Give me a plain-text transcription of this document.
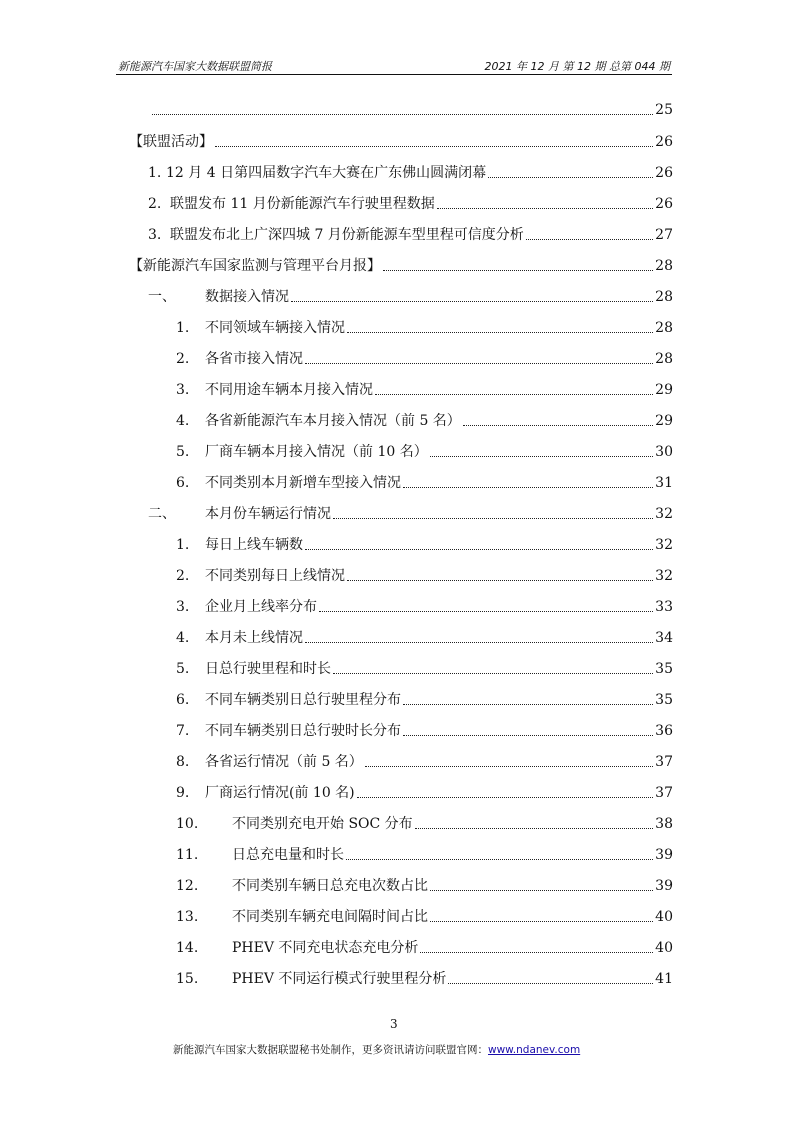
新能源汽车国家大数据联盟简报	2021 年 12 月 第 12 期 总第 044 期
25
【联盟活动】	26
1. 12 月 4 日第四届数字汽车大赛在广东佛山圆满闭幕	26
2. 联盟发布 11 月份新能源汽车行驶里程数据	26
3. 联盟发布北上广深四城 7 月份新能源车型里程可信度分析	27
【新能源汽车国家监测与管理平台月报】	28
一、	数据接入情况	28
1.	不同领域车辆接入情况	28
2.	各省市接入情况	28
3.	不同用途车辆本月接入情况	29
4.	各省新能源汽车本月接入情况（前 5 名）	29
5.	厂商车辆本月接入情况（前 10 名）	30
6.	不同类别本月新增车型接入情况	31
二、	本月份车辆运行情况	32
1.	每日上线车辆数	32
2.	不同类别每日上线情况	32
3.	企业月上线率分布	33
4.	本月未上线情况	34
5.	日总行驶里程和时长	35
6.	不同车辆类别日总行驶里程分布	35
7.	不同车辆类别日总行驶时长分布	36
8.	各省运行情况（前 5 名）	37
9.	厂商运行情况(前 10 名)	37
10.	不同类别充电开始 SOC 分布	38
11.	日总充电量和时长	39
12.	不同类别车辆日总充电次数占比	39
13.	不同类别车辆充电间隔时间占比	40
14.	PHEV 不同充电状态充电分析	40
15.	PHEV 不同运行模式行驶里程分析	41
3
新能源汽车国家大数据联盟秘书处制作，更多资讯请访问联盟官网：www.ndanev.com
